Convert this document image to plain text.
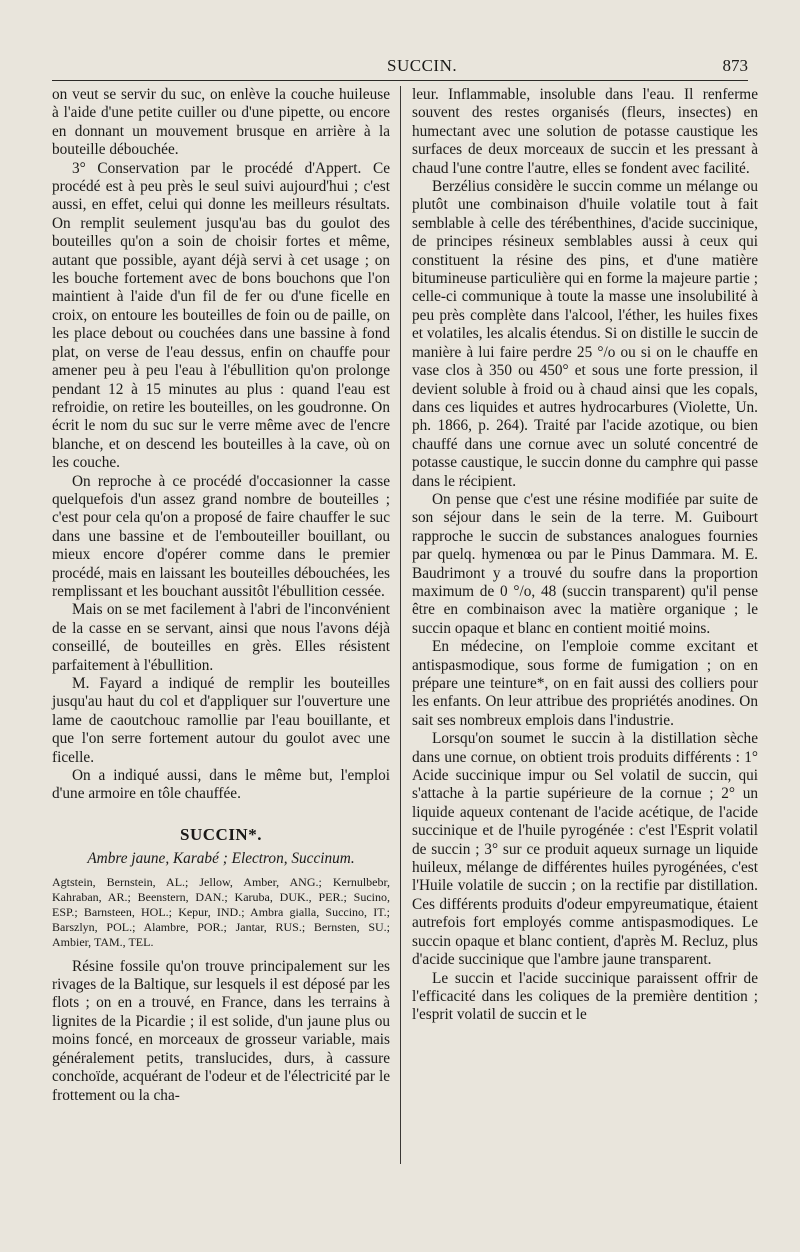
SUCCIN.	873

on veut se servir du suc, on enlève la couche huileuse à l'aide d'une petite cuiller ou d'une pipette, ou encore en donnant un mouvement brusque en arrière à la bouteille débouchée.

3° Conservation par le procédé d'Appert. Ce procédé est à peu près le seul suivi aujourd'hui ; c'est aussi, en effet, celui qui donne les meilleurs résultats. On remplit seulement jusqu'au bas du goulot des bouteilles qu'on a soin de choisir fortes et même, autant que possible, ayant déjà servi à cet usage ; on les bouche fortement avec de bons bouchons que l'on maintient à l'aide d'un fil de fer ou d'une ficelle en croix, on entoure les bouteilles de foin ou de paille, on les place debout ou couchées dans une bassine à fond plat, on verse de l'eau dessus, enfin on chauffe pour amener peu à peu l'eau à l'ébullition qu'on prolonge pendant 12 à 15 minutes au plus : quand l'eau est refroidie, on retire les bouteilles, on les goudronne. On écrit le nom du suc sur le verre même avec de l'encre blanche, et on descend les bouteilles à la cave, où on les couche.

On reproche à ce procédé d'occasionner la casse quelquefois d'un assez grand nombre de bouteilles ; c'est pour cela qu'on a proposé de faire chauffer le suc dans une bassine et de l'embouteiller bouillant, ou mieux encore d'opérer comme dans le premier procédé, mais en laissant les bouteilles débouchées, les remplissant et les bouchant aussitôt l'ébullition cessée.

Mais on se met facilement à l'abri de l'inconvénient de la casse en se servant, ainsi que nous l'avons déjà conseillé, de bouteilles en grès. Elles résistent parfaitement à l'ébullition.

M. Fayard a indiqué de remplir les bouteilles jusqu'au haut du col et d'appliquer sur l'ouverture une lame de caoutchouc ramollie par l'eau bouillante, et que l'on serre fortement autour du goulot avec une ficelle.

On a indiqué aussi, dans le même but, l'emploi d'une armoire en tôle chauffée.

SUCCIN*.
Ambre jaune, Karabé ; Electron, Succinum.
Agtstein, Bernstein, AL.; Jellow, Amber, ANG.; Kernulbebr, Kahraban, AR.; Beenstern, DAN.; Karuba, DUK., PER.; Sucino, ESP.; Barnsteen, HOL.; Kepur, IND.; Ambra gialla, Succino, IT.; Barszlyn, POL.; Alambre, POR.; Jantar, RUS.; Bernsten, SU.; Ambier, TAM., TEL.

Résine fossile qu'on trouve principalement sur les rivages de la Baltique, sur lesquels il est déposé par les flots ; on en a trouvé, en France, dans les terrains à lignites de la Picardie ; il est solide, d'un jaune plus ou moins foncé, en morceaux de grosseur variable, mais généralement petits, translucides, durs, à cassure conchoïde, acquérant de l'odeur et de l'électricité par le frottement ou la cha-

leur. Inflammable, insoluble dans l'eau. Il renferme souvent des restes organisés (fleurs, insectes) en humectant avec une solution de potasse caustique les surfaces de deux morceaux de succin et les pressant à chaud l'une contre l'autre, elles se fondent avec facilité.

Berzélius considère le succin comme un mélange ou plutôt une combinaison d'huile volatile tout à fait semblable à celle des térébenthines, d'acide succinique, de principes résineux semblables aussi à ceux qui constituent la résine des pins, et d'une matière bitumineuse particulière qui en forme la majeure partie ; celle-ci communique à toute la masse une insolubilité à peu près complète dans l'alcool, l'éther, les huiles fixes et volatiles, les alcalis étendus. Si on distille le succin de manière à lui faire perdre 25 °/o ou si on le chauffe en vase clos à 350 ou 450° et sous une forte pression, il devient soluble à froid ou à chaud ainsi que les copals, dans ces liquides et autres hydrocarbures (Violette, Un. ph. 1866, p. 264). Traité par l'acide azotique, ou bien chauffé dans une cornue avec un soluté concentré de potasse caustique, le succin donne du camphre qui passe dans le récipient.

On pense que c'est une résine modifiée par suite de son séjour dans le sein de la terre. M. Guibourt rapproche le succin de substances analogues fournies par quelq. hymenœa ou par le Pinus Dammara. M. E. Baudrimont y a trouvé du soufre dans la proportion maximum de 0 °/o, 48 (succin transparent) qu'il pense être en combinaison avec la matière organique ; le succin opaque et blanc en contient moitié moins.

En médecine, on l'emploie comme excitant et antispasmodique, sous forme de fumigation ; on en prépare une teinture*, on en fait aussi des colliers pour les enfants. On leur attribue des propriétés anodines. On sait ses nombreux emplois dans l'industrie.

Lorsqu'on soumet le succin à la distillation sèche dans une cornue, on obtient trois produits différents : 1° Acide succinique impur ou Sel volatil de succin, qui s'attache à la partie supérieure de la cornue ; 2° un liquide aqueux contenant de l'acide acétique, de l'acide succinique et de l'huile pyrogénée : c'est l'Esprit volatil de succin ; 3° sur ce produit aqueux surnage un liquide huileux, mélange de différentes huiles pyrogénées, c'est l'Huile volatile de succin ; on la rectifie par distillation. Ces différents produits d'odeur empyreumatique, étaient autrefois fort employés comme antispasmodiques. Le succin opaque et blanc contient, d'après M. Recluz, plus d'acide succinique que l'ambre jaune transparent.

Le succin et l'acide succinique paraissent offrir de l'efficacité dans les coliques de la première dentition ; l'esprit volatil de succin et le
